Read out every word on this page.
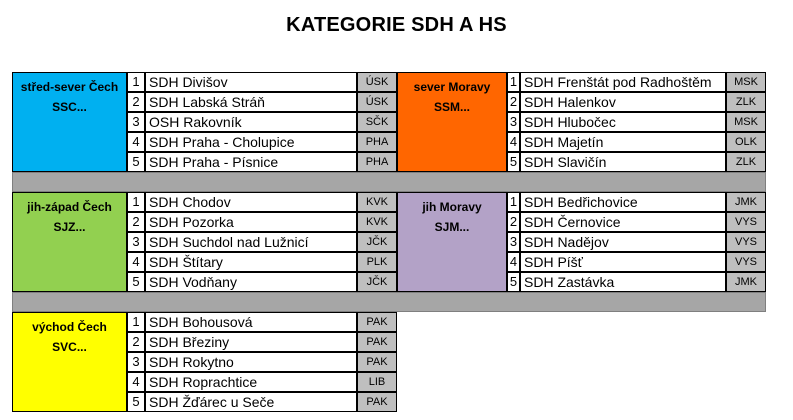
KATEGORIE SDH A HS
střed-sever Čech
SSC...
1 SDH Divišov	ÚSK
2 SDH Labská Stráň	ÚSK
3 OSH Rakovník	SČK
4 SDH Praha - Cholupice	PHA
5 SDH Praha - Písnice	PHA
jih-západ Čech
SJZ...
1 SDH Chodov	KVK
2 SDH Pozorka	KVK
3 SDH Suchdol nad Lužnicí	JČK
4 SDH Štítary	PLK
5 SDH Vodňany	JČK
východ Čech
SVC...
1 SDH Bohousová	PAK
2 SDH Březiny	PAK
3 SDH Rokytno	PAK
4 SDH Roprachtice	LIB
5 SDH Žďárec u Seče	PAK
sever Moravy
SSM...
1 SDH Frenštát pod Radhoštěm	MSK
2 SDH Halenkov	ZLK
3 SDH Hlubočec	MSK
4 SDH Majetín	OLK
5 SDH Slavičín	ZLK
jih Moravy
SJM...
1 SDH Bedřichovice	JMK
2 SDH Černovice	VYS
3 SDH Nadějov	VYS
4 SDH Píšť	VYS
5 SDH Zastávka	JMK
